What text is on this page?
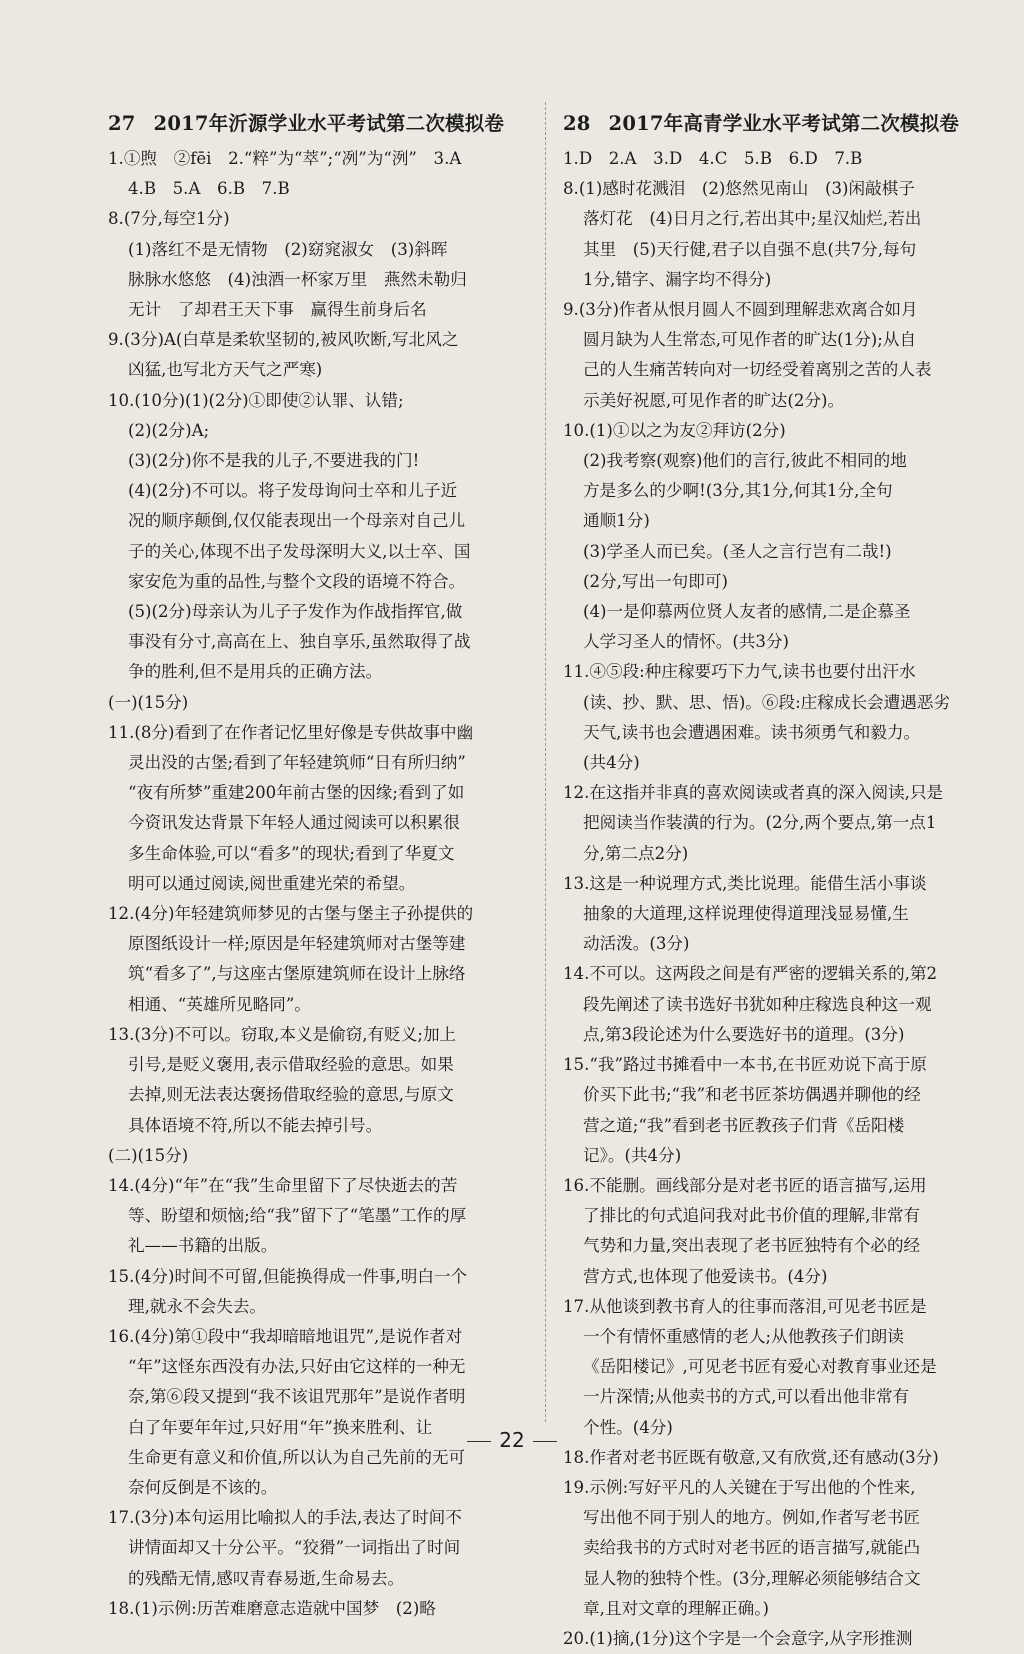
27 2017年沂源学业水平考试第二次模拟卷
1.①煦　②fēi　2.“粹”为“萃”;“冽”为“洌”　3.A
4.B　5.A　6.B　7.B
8.(7分,每空1分)
(1)落红不是无情物　(2)窈窕淑女　(3)斜晖
脉脉水悠悠　(4)浊酒一杯家万里　燕然未勒归
无计　了却君王天下事　赢得生前身后名
9.(3分)A(白草是柔软坚韧的,被风吹断,写北风之
凶猛,也写北方天气之严寒)
10.(10分)(1)(2分)①即使②认罪、认错;
(2)(2分)A;
(3)(2分)你不是我的儿子,不要进我的门!
(4)(2分)不可以。将子发母询问士卒和儿子近
况的顺序颠倒,仅仅能表现出一个母亲对自己儿
子的关心,体现不出子发母深明大义,以士卒、国
家安危为重的品性,与整个文段的语境不符合。
(5)(2分)母亲认为儿子子发作为作战指挥官,做
事没有分寸,高高在上、独自享乐,虽然取得了战
争的胜利,但不是用兵的正确方法。
(一)(15分)
11.(8分)看到了在作者记忆里好像是专供故事中幽
灵出没的古堡;看到了年轻建筑师“日有所归纳”
“夜有所梦”重建200年前古堡的因缘;看到了如
今资讯发达背景下年轻人通过阅读可以积累很
多生命体验,可以“看多”的现状;看到了华夏文
明可以通过阅读,阅世重建光荣的希望。
12.(4分)年轻建筑师梦见的古堡与堡主子孙提供的
原图纸设计一样;原因是年轻建筑师对古堡等建
筑“看多了”,与这座古堡原建筑师在设计上脉络
相通、“英雄所见略同”。
13.(3分)不可以。窃取,本义是偷窃,有贬义;加上
引号,是贬义褒用,表示借取经验的意思。如果
去掉,则无法表达褒扬借取经验的意思,与原文
具体语境不符,所以不能去掉引号。
(二)(15分)
14.(4分)“年”在“我”生命里留下了尽快逝去的苦
等、盼望和烦恼;给“我”留下了“笔墨”工作的厚
礼——书籍的出版。
15.(4分)时间不可留,但能换得成一件事,明白一个
理,就永不会失去。
16.(4分)第①段中“我却暗暗地诅咒”,是说作者对
“年”这怪东西没有办法,只好由它这样的一种无
奈,第⑥段又提到“我不该诅咒那年”是说作者明
白了年要年年过,只好用“年”换来胜利、让
生命更有意义和价值,所以认为自己先前的无可
奈何反倒是不该的。
17.(3分)本句运用比喻拟人的手法,表达了时间不
讲情面却又十分公平。“狡猾”一词指出了时间
的残酷无情,感叹青春易逝,生命易去。
18.(1)示例:历苦难磨意志造就中国梦　(2)略
28 2017年高青学业水平考试第二次模拟卷
1.D　2.A　3.D　4.C　5.B　6.D　7.B
8.(1)感时花溅泪　(2)悠然见南山　(3)闲敲棋子
落灯花　(4)日月之行,若出其中;星汉灿烂,若出
其里　(5)天行健,君子以自强不息(共7分,每句
1分,错字、漏字均不得分)
9.(3分)作者从恨月圆人不圆到理解悲欢离合如月
圆月缺为人生常态,可见作者的旷达(1分);从自
己的人生痛苦转向对一切经受着离别之苦的人表
示美好祝愿,可见作者的旷达(2分)。
10.(1)①以之为友②拜访(2分)
(2)我考察(观察)他们的言行,彼此不相同的地
方是多么的少啊!(3分,其1分,何其1分,全句
通顺1分)
(3)学圣人而已矣。(圣人之言行岂有二哉!)
(2分,写出一句即可)
(4)一是仰慕两位贤人友者的感情,二是企慕圣
人学习圣人的情怀。(共3分)
11.④⑤段:种庄稼要巧下力气,读书也要付出汗水
(读、抄、默、思、悟)。⑥段:庄稼成长会遭遇恶劣
天气,读书也会遭遇困难。读书须勇气和毅力。
(共4分)
12.在这指并非真的喜欢阅读或者真的深入阅读,只是
把阅读当作装潢的行为。(2分,两个要点,第一点1
分,第二点2分)
13.这是一种说理方式,类比说理。能借生活小事谈
抽象的大道理,这样说理使得道理浅显易懂,生
动活泼。(3分)
14.不可以。这两段之间是有严密的逻辑关系的,第2
段先阐述了读书选好书犹如种庄稼选良种这一观
点,第3段论述为什么要选好书的道理。(3分)
15.“我”路过书摊看中一本书,在书匠劝说下高于原
价买下此书;“我”和老书匠茶坊偶遇并聊他的经
营之道;“我”看到老书匠教孩子们背《岳阳楼
记》。(共4分)
16.不能删。画线部分是对老书匠的语言描写,运用
了排比的句式追问我对此书价值的理解,非常有
气势和力量,突出表现了老书匠独特有个必的经
营方式,也体现了他爱读书。(4分)
17.从他谈到教书育人的往事而落泪,可见老书匠是
一个有情怀重感情的老人;从他教孩子们朗读
《岳阳楼记》,可见老书匠有爱心对教育事业还是
一片深情;从他卖书的方式,可以看出他非常有
个性。(4分)
18.作者对老书匠既有敬意,又有欣赏,还有感动(3分)
19.示例:写好平凡的人关键在于写出他的个性来,
写出他不同于别人的地方。例如,作者写老书匠
卖给我书的方式时对老书匠的语言描写,就能凸
显人物的独特个性。(3分,理解必须能够结合文
章,且对文章的理解正确。)
20.(1)摘,(1分)这个字是一个会意字,从字形推测
22
